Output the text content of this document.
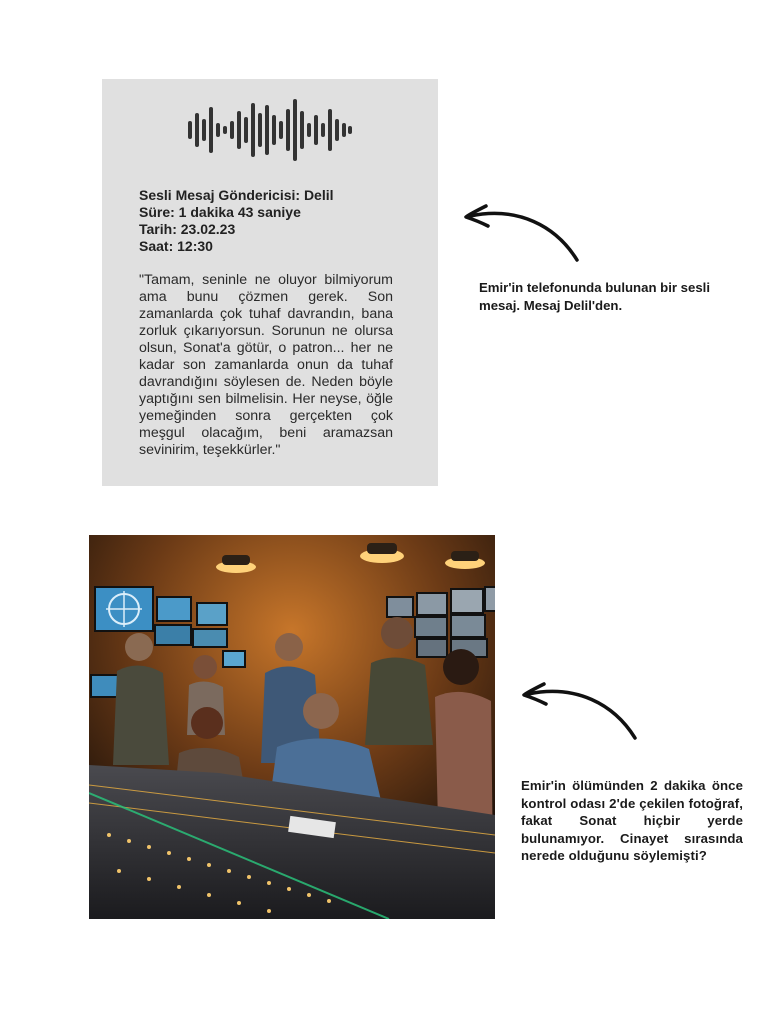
Sesli Mesaj Göndericisi: Delil
Süre: 1 dakika 43 saniye
Tarih: 23.02.23
Saat: 12:30
"Tamam, seninle ne oluyor bilmiyorum ama bunu çözmen gerek. Son zamanlarda çok tuhaf davrandın, bana zorluk çıkarıyorsun. Sorunun ne olursa olsun, Sonat'a götür, o patron... her ne kadar son zamanlarda onun da tuhaf davrandığını söylesen de. Neden böyle yaptığını sen bilmelisin. Her neyse, öğle yemeğinden sonra gerçekten çok meşgul olacağım, beni aramazsan sevinirim, teşekkürler."
Emir'in telefonunda bulunan bir sesli mesaj. Mesaj Delil'den.
Emir'in ölümünden 2 dakika önce kontrol odası 2'de çekilen fotoğraf, fakat Sonat hiçbir yerde bulunamıyor. Cinayet sırasında nerede olduğunu söylemişti?
